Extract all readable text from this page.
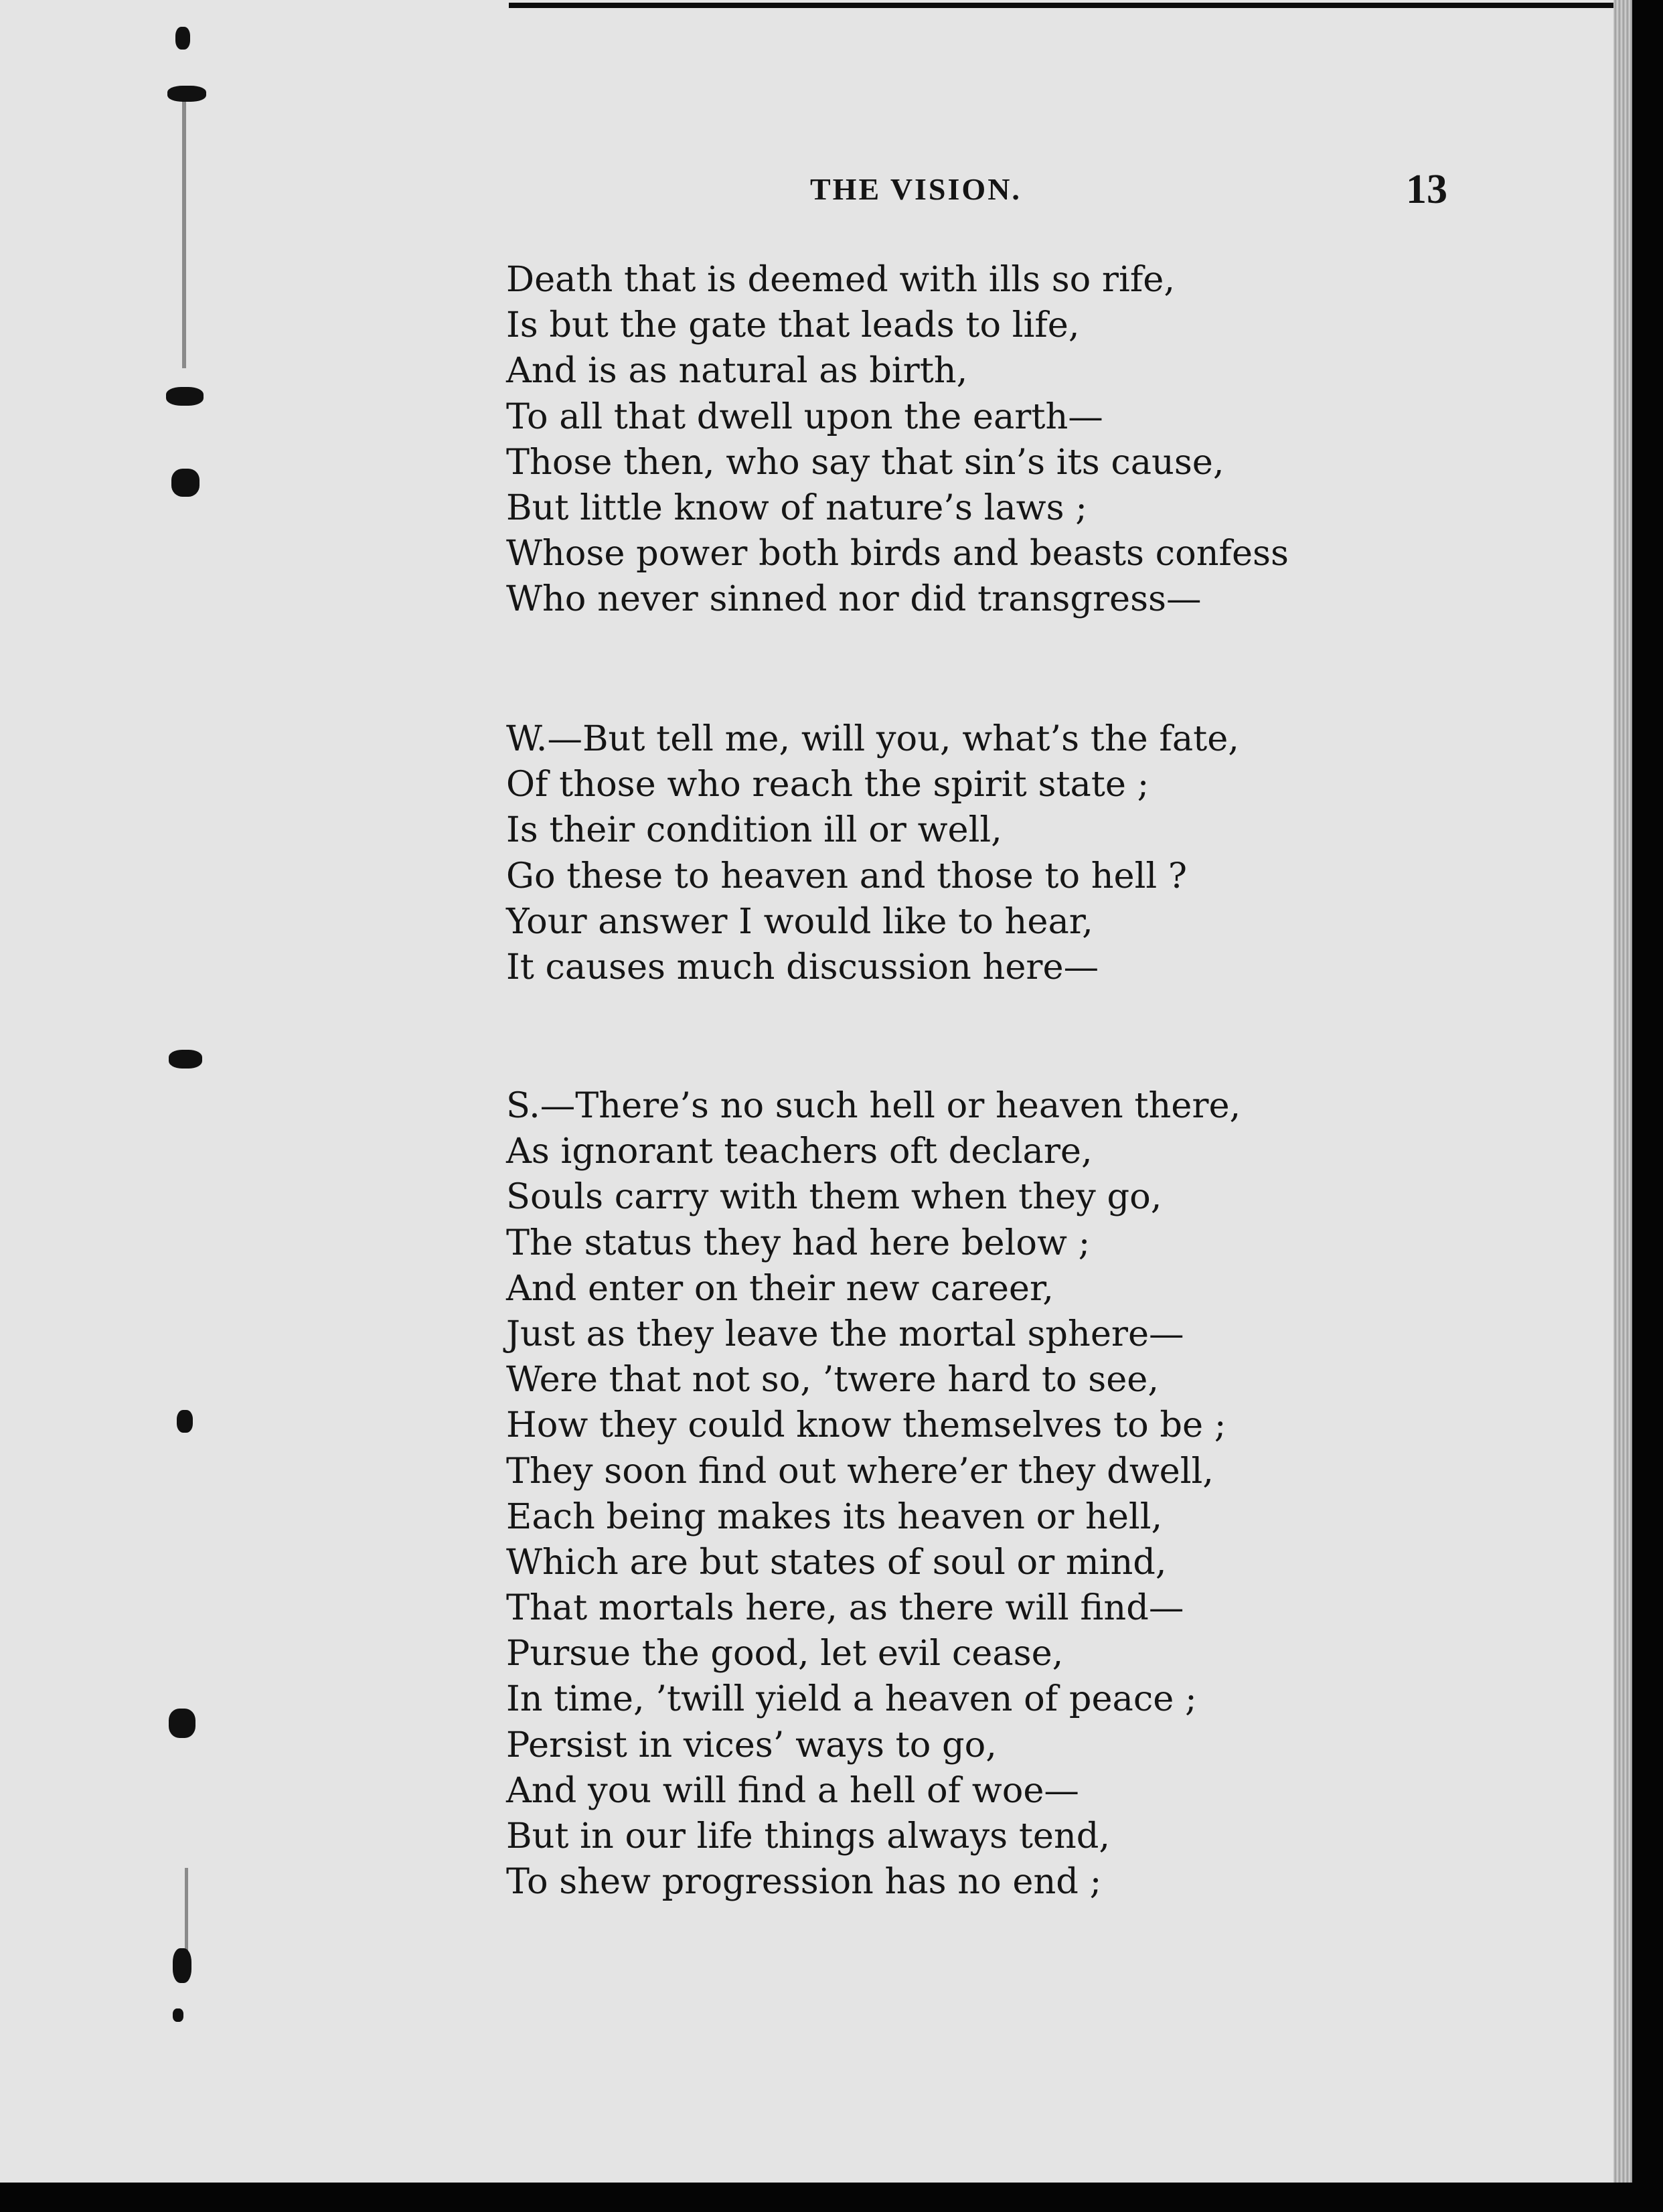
THE VISION.	13
Death that is deemed with ills so rife,
Is but the gate that leads to life,
And is as natural as birth,
To all that dwell upon the earth—
Those then, who say that sin’s its cause,
But little know of nature’s laws ;
Whose power both birds and beasts confess
Who never sinned nor did transgress—
W.—But tell me, will you, what’s the fate,
Of those who reach the spirit state ;
Is their condition ill or well,
Go these to heaven and those to hell ?
Your answer I would like to hear,
It causes much discussion here—
S.—There’s no such hell or heaven there,
As ignorant teachers oft declare,
Souls carry with them when they go,
The status they had here below ;
And enter on their new career,
Just as they leave the mortal sphere—
Were that not so, ’twere hard to see,
How they could know themselves to be ;
They soon find out where’er they dwell,
Each being makes its heaven or hell,
Which are but states of soul or mind,
That mortals here, as there will find—
Pursue the good, let evil cease,
In time, ’twill yield a heaven of peace ;
Persist in vices’ ways to go,
And you will find a hell of woe—
But in our life things always tend,
To shew progression has no end ;
